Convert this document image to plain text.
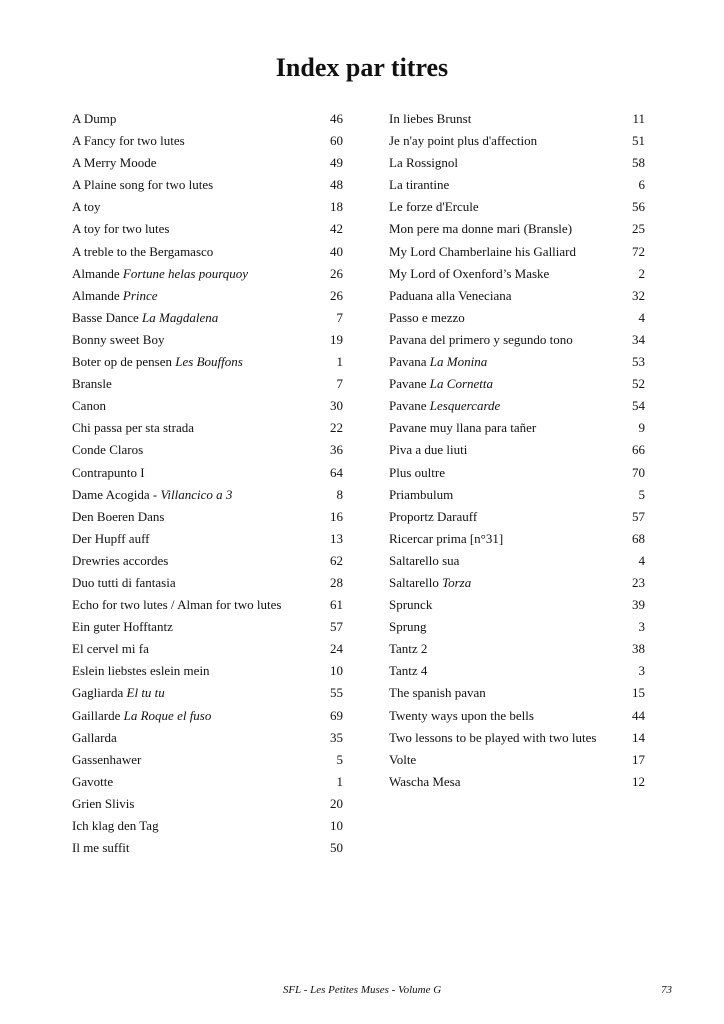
Index par titres
A Dump	46
A Fancy for two lutes	60
A Merry Moode	49
A Plaine song for two lutes	48
A toy	18
A toy for two lutes	42
A treble to the Bergamasco	40
Almande Fortune helas pourquoy	26
Almande Prince	26
Basse Dance La Magdalena	7
Bonny sweet Boy	19
Boter op de pensen Les Bouffons	1
Bransle	7
Canon	30
Chi passa per sta strada	22
Conde Claros	36
Contrapunto I	64
Dame Acogida - Villancico a 3	8
Den Boeren Dans	16
Der Hupff auff	13
Drewries accordes	62
Duo tutti di fantasia	28
Echo for two lutes / Alman for two lutes	61
Ein guter Hofftantz	57
El cervel mi fa	24
Eslein liebstes eslein mein	10
Gagliarda El tu tu	55
Gaillarde La Roque el fuso	69
Gallarda	35
Gassenhawer	5
Gavotte	1
Grien Slivis	20
Ich klag den Tag	10
Il me suffit	50
In liebes Brunst	11
Je n'ay point plus d'affection	51
La Rossignol	58
La tirantine	6
Le forze d'Ercule	56
Mon pere ma donne mari (Bransle)	25
My Lord Chamberlaine his Galliard	72
My Lord of Oxenford’s Maske	2
Paduana alla Veneciana	32
Passo e mezzo	4
Pavana del primero y segundo tono	34
Pavana La Monina	53
Pavane La Cornetta	52
Pavane Lesquercarde	54
Pavane muy llana para tañer	9
Piva a due liuti	66
Plus oultre	70
Priambulum	5
Proportz Darauff	57
Ricercar prima [n°31]	68
Saltarello sua	4
Saltarello Torza	23
Sprunck	39
Sprung	3
Tantz 2	38
Tantz 4	3
The spanish pavan	15
Twenty ways upon the bells	44
Two lessons to be played with two lutes	14
Volte	17
Wascha Mesa	12
SFL - Les Petites Muses - Volume G	73
